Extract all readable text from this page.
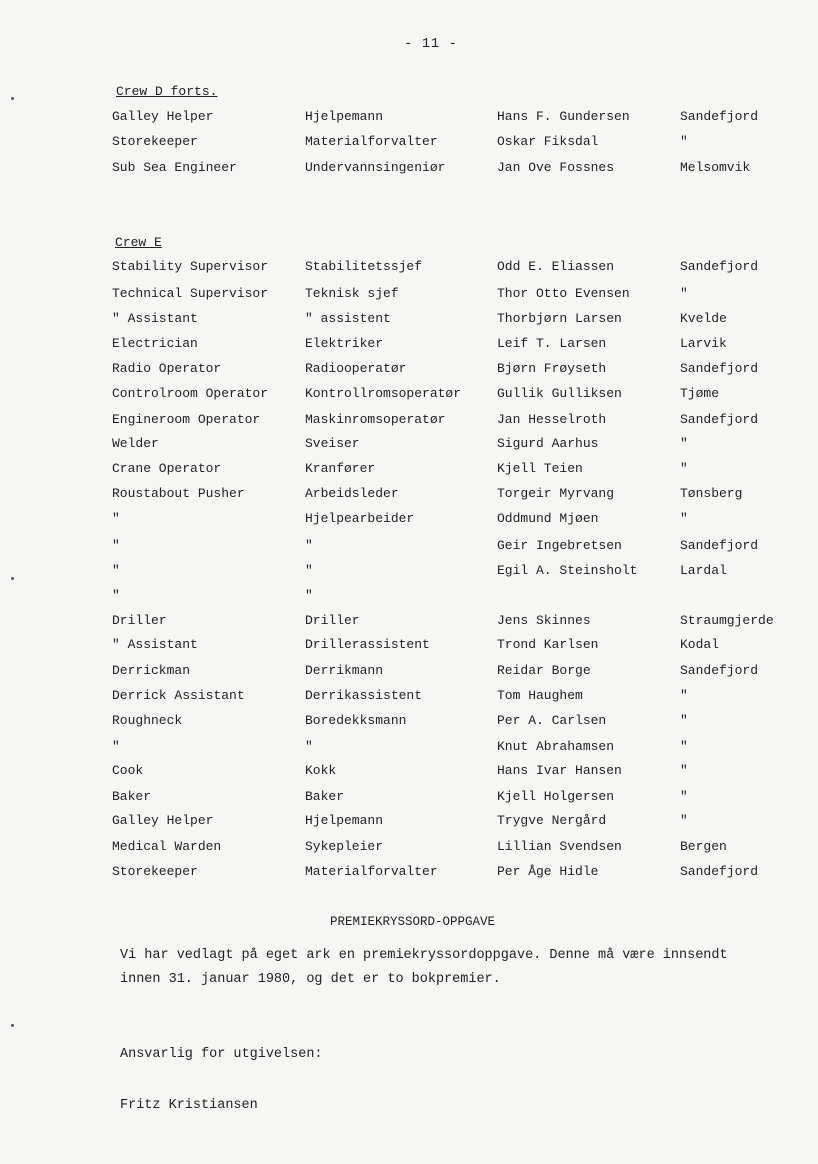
- 11 -
Crew D forts.
Crew E
Galley Helper	Hjelpemann	Hans F. Gundersen	Sandefjord
Storekeeper	Materialforvalter	Oskar Fiksdal	"
Sub Sea Engineer	Undervannsingeniør	Jan Ove Fossnes	Melsomvik
Stability Supervisor	Stabilitetssjef	Odd E. Eliassen	Sandefjord
Technical Supervisor	Teknisk sjef	Thor Otto Evensen	"
" Assistant	" assistent	Thorbjørn Larsen	Kvelde
Electrician	Elektriker	Leif T. Larsen	Larvik
Radio Operator	Radiooperatør	Bjørn Frøyseth	Sandefjord
Controlroom Operator	Kontrollromsoperatør	Gullik Gulliksen	Tjøme
Engineroom Operator	Maskinromsoperatør	Jan Hesselroth	Sandefjord
Welder	Sveiser	Sigurd Aarhus	"
Crane Operator	Kranfører	Kjell Teien	"
Roustabout Pusher	Arbeidsleder	Torgeir Myrvang	Tønsberg
"	Hjelpearbeider	Oddmund Mjøen	"
"	"	Geir Ingebretsen	Sandefjord
"	"	Egil A. Steinsholt	Lardal
"	"
Driller	Driller	Jens Skinnes	Straumgjerde
" Assistant	Drillerassistent	Trond Karlsen	Kodal
Derrickman	Derrikmann	Reidar Borge	Sandefjord
Derrick Assistant	Derrikassistent	Tom Haughem	"
Roughneck	Boredekksmann	Per A. Carlsen	"
"	"	Knut Abrahamsen	"
Cook	Kokk	Hans Ivar Hansen	"
Baker	Baker	Kjell Holgersen	"
Galley Helper	Hjelpemann	Trygve Nergård	"
Medical Warden	Sykepleier	Lillian Svendsen	Bergen
Storekeeper	Materialforvalter	Per Åge Hidle	Sandefjord
PREMIEKRYSSORD-OPPGAVE
Vi har vedlagt på eget ark en premiekryssordoppgave. Denne må være innsendt
innen 31. januar 1980, og det er to bokpremier.
Ansvarlig for utgivelsen:
Fritz Kristiansen
